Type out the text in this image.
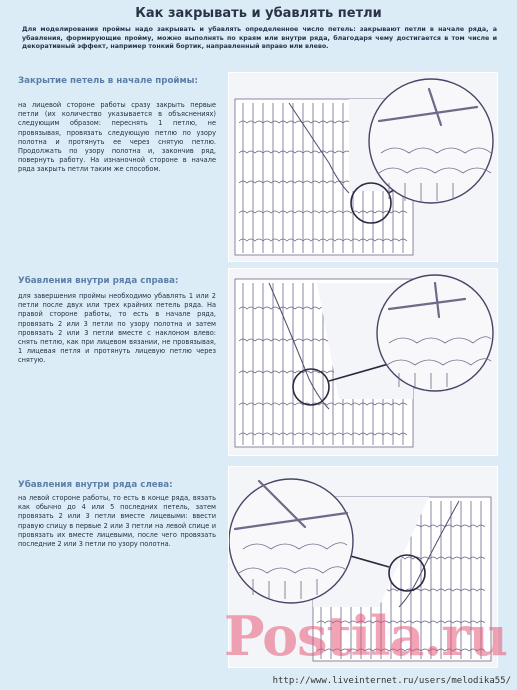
Как закрывать и убавлять петли
Для моделирования проймы надо закрывать и убавлять определенное число петель: закрывают петли в начале ряда, а убавления, формирующие пройму, можно выполнять по краям или внутри ряда, благодаря чему достигается в том числе и декоративный эффект, например тонкий бортик, направленный вправо или влево.
Закрытие петель в начале проймы:
на лицевой стороне работы сразу закрыть первые петли (их количество указывается в объяснениях) следующим образом: переснять 1 петлю, не провязывая, провязать следующую петлю по узору полотна и протянуть ее через снятую петлю. Продолжать по узору полотна и, закончив ряд, повернуть работу. На изнаночной стороне в начале ряда закрыть петли таким же способом.
Убавления внутри ряда справа:
для завершения проймы необходимо убавлять 1 или 2 петли после двух или трех крайних петель ряда. На правой стороне работы, то есть в начале ряда, провязать 2 или 3 петли по узору полотна и затем провязать 2 или 3 петли вместе с наклоном влево: снять петлю, как при лицевом вязании, не провязывая, 1 лицевая петля и протянуть лицевую петлю через снятую.
Убавления внутри ряда слева:
на левой стороне работы, то есть в конце ряда, вязать как обычно до 4 или 5 последних петель, затем провязать 2 или 3 петли вместе лицевыми: ввести правую спицу в первые 2 или 3 петли на левой спице и провязать их вместе лицевыми, после чего провязать последние 2 или 3 петли по узору полотна.
Postila.ru
http://www.liveinternet.ru/users/melodika55/
